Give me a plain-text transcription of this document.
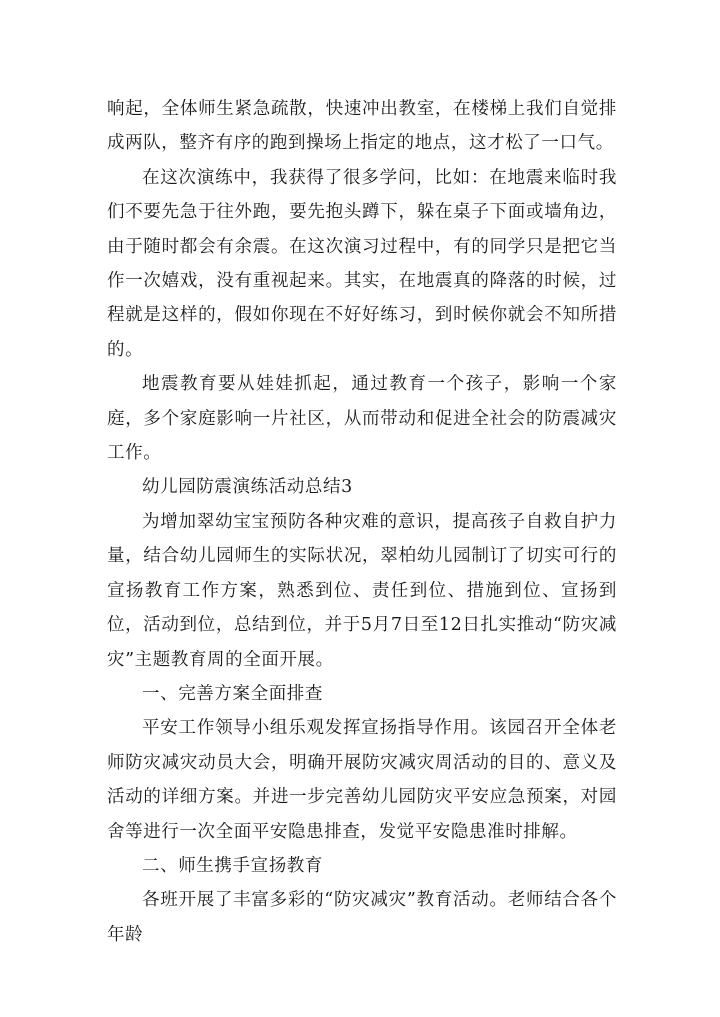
响起，全体师生紧急疏散，快速冲出教室，在楼梯上我们自觉排成两队，整齐有序的跑到操场上指定的地点，这才松了一口气。

在这次演练中，我获得了很多学问，比如：在地震来临时我们不要先急于往外跑，要先抱头蹲下，躲在桌子下面或墙角边，由于随时都会有余震。在这次演习过程中，有的同学只是把它当作一次嬉戏，没有重视起来。其实，在地震真的降落的时候，过程就是这样的，假如你现在不好好练习，到时候你就会不知所措的。

地震教育要从娃娃抓起，通过教育一个孩子，影响一个家庭，多个家庭影响一片社区，从而带动和促进全社会的防震减灾工作。

幼儿园防震演练活动总结3

为增加翠幼宝宝预防各种灾难的意识，提高孩子自救自护力量，结合幼儿园师生的实际状况，翠柏幼儿园制订了切实可行的宣扬教育工作方案，熟悉到位、责任到位、措施到位、宣扬到位，活动到位，总结到位，并于5月7日至12日扎实推动“防灾减灾”主题教育周的全面开展。

一、完善方案全面排查

平安工作领导小组乐观发挥宣扬指导作用。该园召开全体老师防灾减灾动员大会，明确开展防灾减灾周活动的目的、意义及活动的详细方案。并进一步完善幼儿园防灾平安应急预案，对园舍等进行一次全面平安隐患排查，发觉平安隐患准时排解。

二、师生携手宣扬教育

各班开展了丰富多彩的“防灾减灾”教育活动。老师结合各个年龄
